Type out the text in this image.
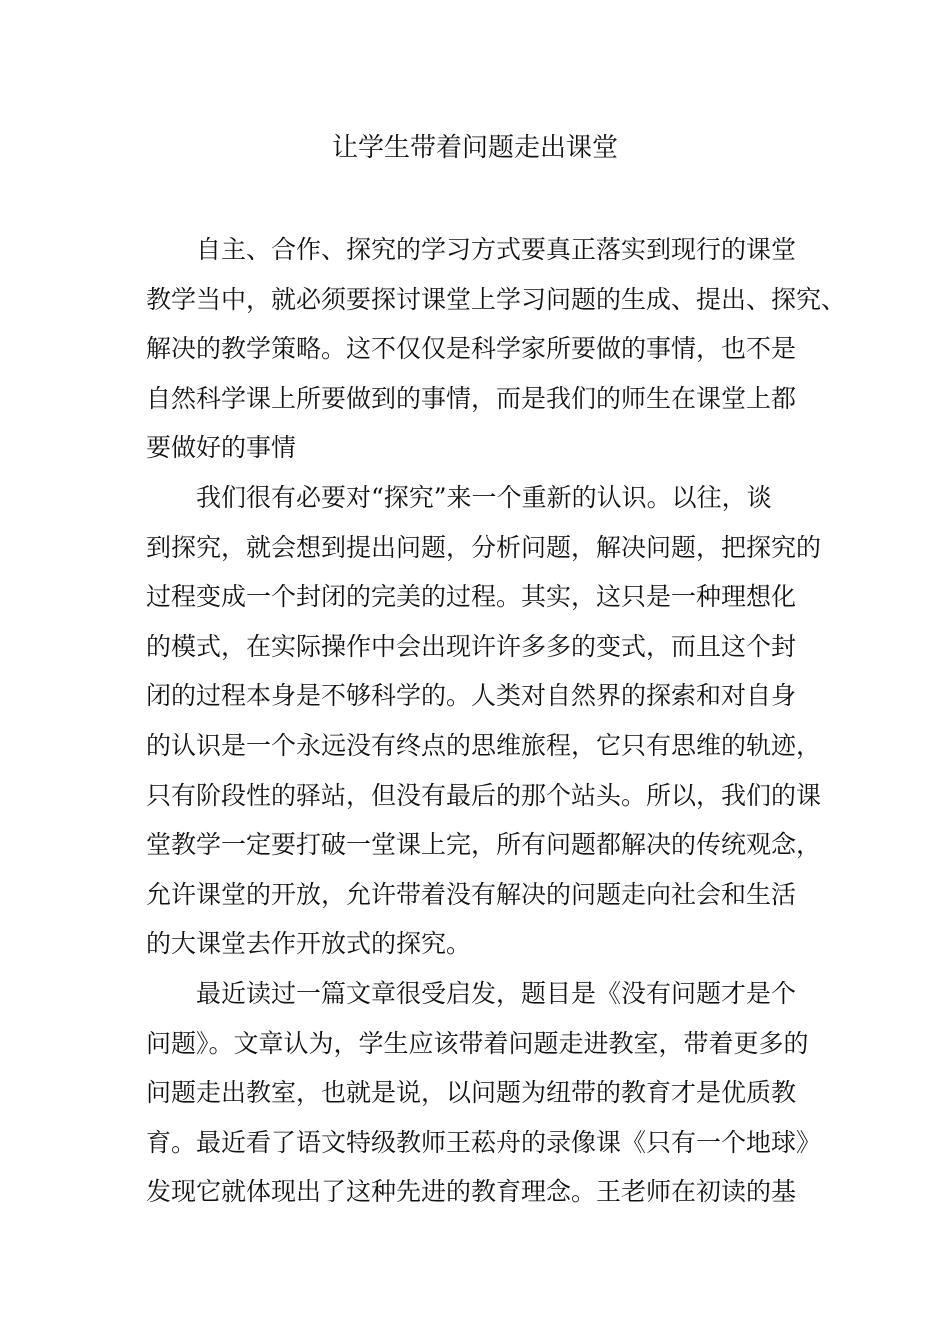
让学生带着问题走出课堂

自主、合作、探究的学习方式要真正落实到现行的课堂
教学当中，就必须要探讨课堂上学习问题的生成、提出、探究、
解决的教学策略。这不仅仅是科学家所要做的事情，也不是
自然科学课上所要做到的事情，而是我们的师生在课堂上都
要做好的事情

我们很有必要对“探究”来一个重新的认识。以往，谈
到探究，就会想到提出问题，分析问题，解决问题，把探究的
过程变成一个封闭的完美的过程。其实，这只是一种理想化
的模式，在实际操作中会出现许许多多的变式，而且这个封
闭的过程本身是不够科学的。人类对自然界的探索和对自身
的认识是一个永远没有终点的思维旅程，它只有思维的轨迹，
只有阶段性的驿站，但没有最后的那个站头。所以，我们的课
堂教学一定要打破一堂课上完，所有问题都解决的传统观念，
允许课堂的开放，允许带着没有解决的问题走向社会和生活
的大课堂去作开放式的探究。

最近读过一篇文章很受启发，题目是《没有问题才是个
问题》。文章认为，学生应该带着问题走进教室，带着更多的
问题走出教室，也就是说，以问题为纽带的教育才是优质教
育。最近看了语文特级教师王菘舟的录像课《只有一个地球》
发现它就体现出了这种先进的教育理念。王老师在初读的基
